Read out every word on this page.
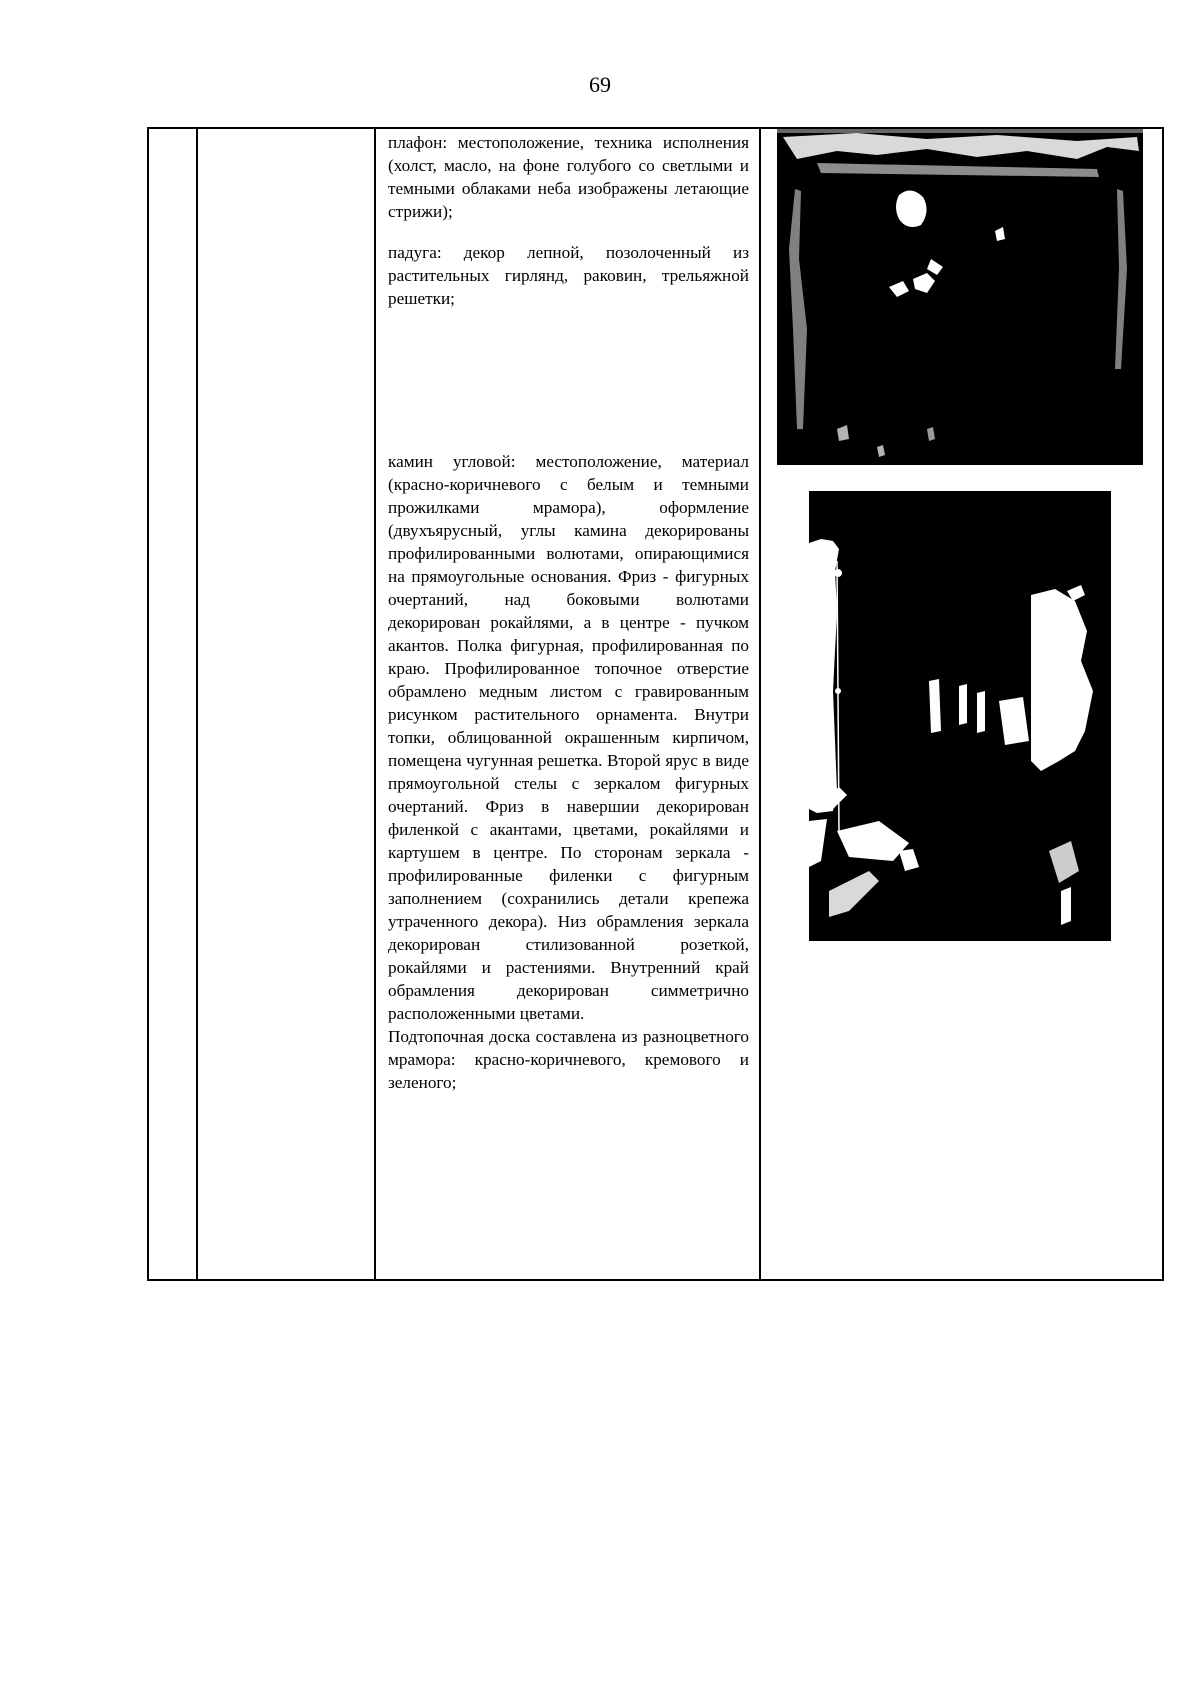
69

плафон: местоположение, техника исполнения (холст, масло, на фоне голубого со светлыми и темными облаками неба изображены летающие стрижи);

падуга: декор лепной, позолоченный из растительных гирлянд, раковин, трельяжной решетки;

камин угловой: местоположение, материал (красно-коричневого с белым и темными прожилками мрамора), оформление (двухъярусный, углы камина декорированы профилированными волютами, опирающимися на прямоугольные основания. Фриз - фигурных очертаний, над боковыми волютами декорирован рокайлями, а в центре - пучком акантов. Полка фигурная, профилированная по краю. Профилированное топочное отверстие обрамлено медным листом с гравированным рисунком растительного орнамента. Внутри топки, облицованной окрашенным кирпичом, помещена чугунная решетка. Второй ярус в виде прямоугольной стелы с зеркалом фигурных очертаний. Фриз в навершии декорирован филенкой с акантами, цветами, рокайлями и картушем в центре. По сторонам зеркала - профилированные филенки с фигурным заполнением (сохранились детали крепежа утраченного декора). Низ обрамления зеркала декорирован стилизованной розеткой, рокайлями и растениями. Внутренний край обрамления декорирован симметрично расположенными цветами.

Подтопочная доска составлена из разноцветного мрамора: красно-коричневого, кремового и зеленого;
